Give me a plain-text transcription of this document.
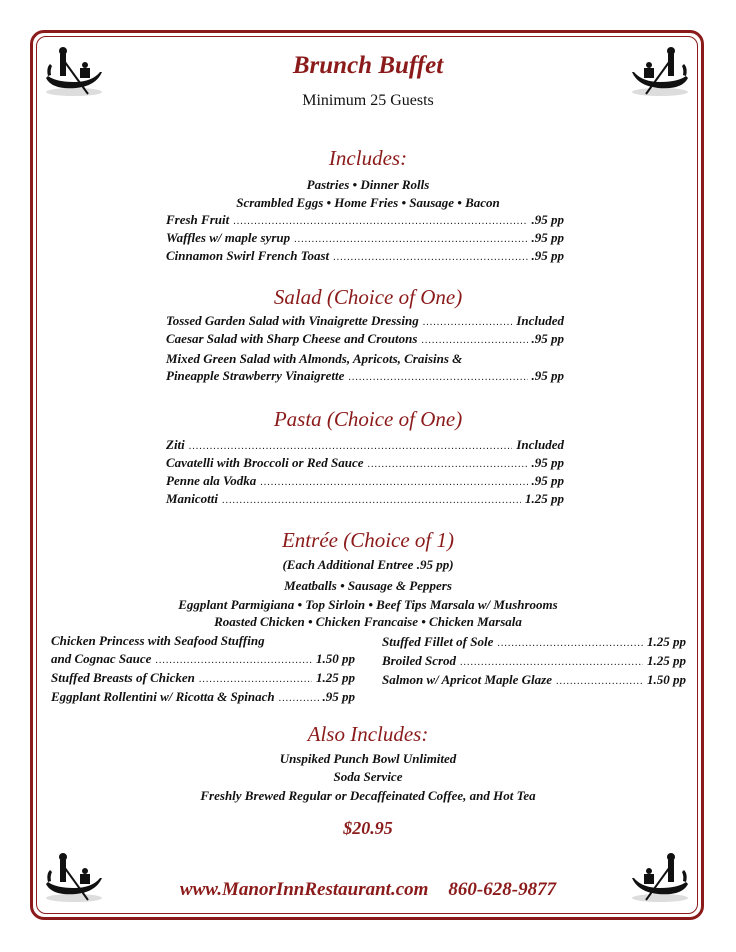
Brunch Buffet
Minimum 25 Guests
Includes:
Pastries • Dinner Rolls
Scrambled Eggs • Home Fries • Sausage • Bacon
Fresh Fruit .....	.95 pp
Waffles w/ maple syrup .....	.95 pp
Cinnamon Swirl French Toast .....	.95 pp
Salad (Choice of One)
Tossed Garden Salad with Vinaigrette Dressing .....	Included
Caesar Salad with Sharp Cheese and Croutons .....	.95 pp
Mixed Green Salad with Almonds, Apricots, Craisins &
Pineapple Strawberry Vinaigrette .....	.95 pp
Pasta (Choice of One)
Ziti .....	Included
Cavatelli with Broccoli or Red Sauce .....	.95 pp
Penne ala Vodka .....	.95 pp
Manicotti .....	1.25 pp
Entrée (Choice of 1)
(Each Additional Entree .95 pp)
Meatballs • Sausage & Peppers
Eggplant Parmigiana • Top Sirloin • Beef Tips Marsala w/ Mushrooms
Roasted Chicken • Chicken Francaise • Chicken Marsala
Chicken Princess with Seafood Stuffing
and Cognac Sauce .....	1.50 pp
Stuffed Breasts of Chicken .....	1.25 pp
Eggplant Rollentini w/ Ricotta & Spinach .....	.95 pp
Stuffed Fillet of Sole .....	1.25 pp
Broiled Scrod .....	1.25 pp
Salmon w/ Apricot Maple Glaze .....	1.50 pp
Also Includes:
Unspiked Punch Bowl Unlimited
Soda Service
Freshly Brewed Regular or Decaffeinated Coffee, and Hot Tea
$20.95
www.ManorInnRestaurant.com 860-628-9877
